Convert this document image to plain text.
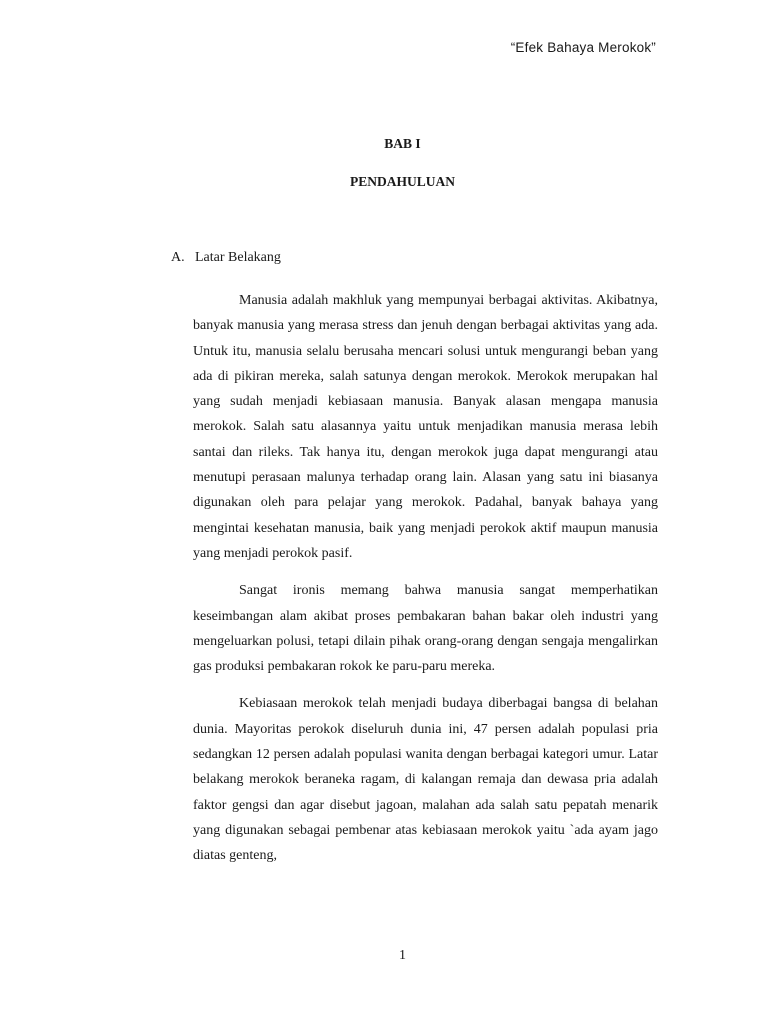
“Efek Bahaya Merokok”
BAB I
PENDAHULUAN
A. Latar Belakang

Manusia adalah makhluk yang mempunyai berbagai aktivitas. Akibatnya, banyak manusia yang merasa stress dan jenuh dengan berbagai aktivitas yang ada. Untuk itu, manusia selalu berusaha mencari solusi untuk mengurangi beban yang ada di pikiran mereka, salah satunya dengan merokok. Merokok merupakan hal yang sudah menjadi kebiasaan manusia. Banyak alasan mengapa manusia merokok. Salah satu alasannya yaitu untuk menjadikan manusia merasa lebih santai dan rileks. Tak hanya itu, dengan merokok juga dapat mengurangi atau menutupi perasaan malunya terhadap orang lain. Alasan yang satu ini biasanya digunakan oleh para pelajar yang merokok. Padahal, banyak bahaya yang mengintai kesehatan manusia, baik yang menjadi perokok aktif maupun manusia yang menjadi perokok pasif.

Sangat ironis memang bahwa manusia sangat memperhatikan keseimbangan alam akibat proses pembakaran bahan bakar oleh industri yang mengeluarkan polusi, tetapi dilain pihak orang-orang dengan sengaja mengalirkan gas produksi pembakaran rokok ke paru-paru mereka.

Kebiasaan merokok telah menjadi budaya diberbagai bangsa di belahan dunia. Mayoritas perokok diseluruh dunia ini, 47 persen adalah populasi pria sedangkan 12 persen adalah populasi wanita dengan berbagai kategori umur. Latar belakang merokok beraneka ragam, di kalangan remaja dan dewasa pria adalah faktor gengsi dan agar disebut jagoan, malahan ada salah satu pepatah menarik yang digunakan sebagai pembenar atas kebiasaan merokok yaitu `ada ayam jago diatas genteng,

1
